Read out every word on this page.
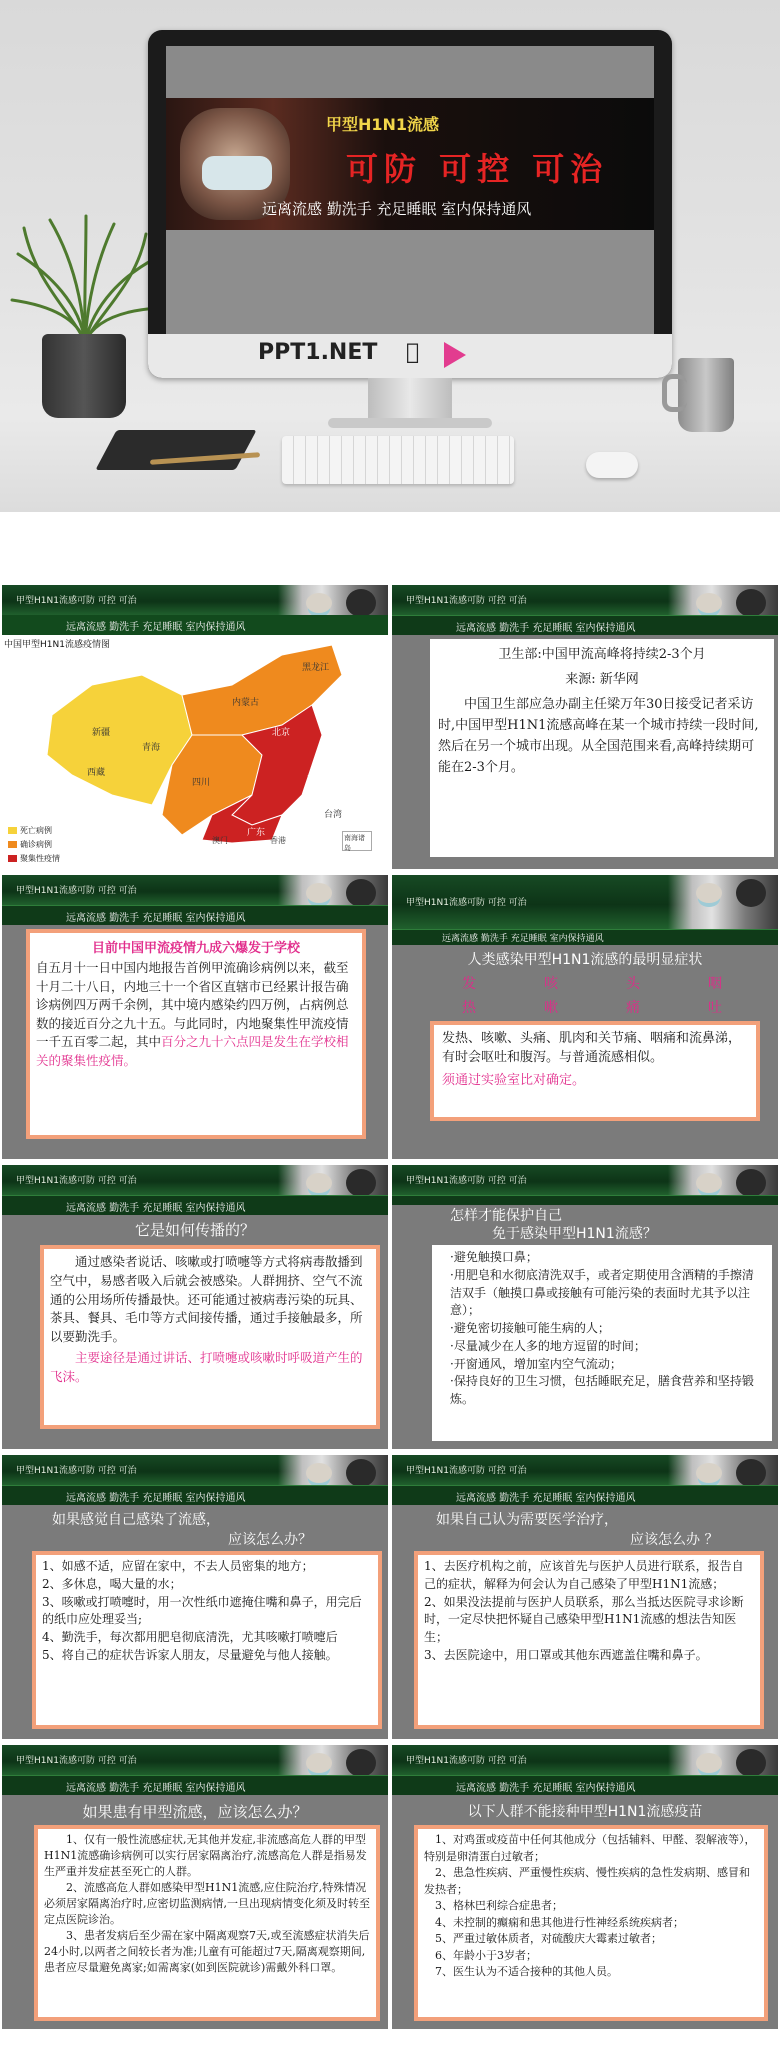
甲型H1N1流感
可防 可控 可治
远离流感 勤洗手 充足睡眠 室内保持通风
PPT1.NET
甲型H1N1流感可防 可控 可治
远离流感 勤洗手 充足睡眠 室内保持通风
中国甲型H1N1流感疫情图
新疆
西藏
青海
四川
内蒙古
黑龙江
北京
上海
广东
台湾
香港
澳门
死亡病例
确诊病例
聚集性疫情
南海诸岛
甲型H1N1流感可防 可控 可治
远离流感 勤洗手 充足睡眠 室内保持通风
卫生部:中国甲流高峰将持续2-3个月
来源: 新华网
中国卫生部应急办副主任梁万年30日接受记者采访时,中国甲型H1N1流感高峰在某一个城市持续一段时间,然后在另一个城市出现。从全国范围来看,高峰持续期可能在2-3个月。
甲型H1N1流感可防 可控 可治
远离流感 勤洗手 充足睡眠 室内保持通风
目前中国甲流疫情九成六爆发于学校
自五月十一日中国内地报告首例甲流确诊病例以来，截至十月二十八日，内地三十一个省区直辖市已经累计报告确诊病例四万两千余例，其中境内感染约四万例，占病例总数的接近百分之九十五。与此同时，内地聚集性甲流疫情一千五百零二起，其中百分之九十六点四是发生在学校相关的聚集性疫情。
甲型H1N1流感可防 可控 可治
远离流感 勤洗手 充足睡眠 室内保持通风
人类感染甲型H1N1流感的最明显症状
发	咳	头	咽
热	嗽	痛	吐
发热、咳嗽、头痛、肌肉和关节痛、咽痛和流鼻涕，有时会呕吐和腹泻。与普通流感相似。
须通过实验室比对确定。
甲型H1N1流感可防 可控 可治
远离流感 勤洗手 充足睡眠 室内保持通风
它是如何传播的？
通过感染者说话、咳嗽或打喷嚏等方式将病毒散播到空气中，易感者吸入后就会被感染。人群拥挤、空气不流通的公用场所传播最快。还可能通过被病毒污染的玩具、茶具、餐具、毛巾等方式间接传播，通过手接触最多，所以要勤洗手。
主要途径是通过讲话、打喷嚏或咳嗽时呼吸道产生的飞沫。
甲型H1N1流感可防 可控 可治
怎样才能保护自己
免于感染甲型H1N1流感？
·避免触摸口鼻；
·用肥皂和水彻底清洗双手，或者定期使用含酒精的手擦清洁双手（触摸口鼻或接触有可能污染的表面时尤其予以注意）；
·避免密切接触可能生病的人；
·尽量减少在人多的地方逗留的时间；
·开窗通风，增加室内空气流动；
·保持良好的卫生习惯，包括睡眠充足，膳食营养和坚持锻炼。
甲型H1N1流感可防 可控 可治
远离流感 勤洗手 充足睡眠 室内保持通风
如果感觉自己感染了流感，
应该怎么办？
1、如感不适，应留在家中，不去人员密集的地方；
2、多休息，喝大量的水；
3、咳嗽或打喷嚏时，用一次性纸巾遮掩住嘴和鼻子，用完后的纸巾应处理妥当;
4、勤洗手，每次都用肥皂彻底清洗，尤其咳嗽打喷嚏后
5、将自己的症状告诉家人朋友，尽量避免与他人接触。
甲型H1N1流感可防 可控 可治
远离流感 勤洗手 充足睡眠 室内保持通风
如果自己认为需要医学治疗，
应该怎么办 ？
1、去医疗机构之前，应该首先与医护人员进行联系，报告自己的症状，解释为何会认为自己感染了甲型H1N1流感；
2、如果没法提前与医护人员联系，那么当抵达医院寻求诊断时，一定尽快把怀疑自己感染甲型H1N1流感的想法告知医生；
3、去医院途中，用口罩或其他东西遮盖住嘴和鼻子。
甲型H1N1流感可防 可控 可治
远离流感 勤洗手 充足睡眠 室内保持通风
如果患有甲型流感，应该怎么办？
1、仅有一般性流感症状,无其他并发症,非流感高危人群的甲型H1N1流感确诊病例可以实行居家隔离治疗,流感高危人群是指易发生严重并发症甚至死亡的人群。
2、流感高危人群如感染甲型H1N1流感,应住院治疗,特殊情况必须居家隔离治疗时,应密切监测病情,一旦出现病情变化须及时转至定点医院诊治。
3、患者发病后至少需在家中隔离观察7天,或至流感症状消失后24小时,以两者之间较长者为准;儿童有可能超过7天,隔离观察期间,患者应尽量避免离家;如需离家(如到医院就诊)需戴外科口罩。
甲型H1N1流感可防 可控 可治
远离流感 勤洗手 充足睡眠 室内保持通风
以下人群不能接种甲型H1N1流感疫苗
1、对鸡蛋或疫苗中任何其他成分（包括辅料、甲醛、裂解液等），特别是卵清蛋白过敏者；
2、患急性疾病、严重慢性疾病、慢性疾病的急性发病期、感冒和发热者；
3、格林巴利综合症患者；
4、未控制的癫痫和患其他进行性神经系统疾病者；
5、严重过敏体质者，对硫酸庆大霉素过敏者；
6、年龄小于3岁者；
7、医生认为不适合接种的其他人员。
